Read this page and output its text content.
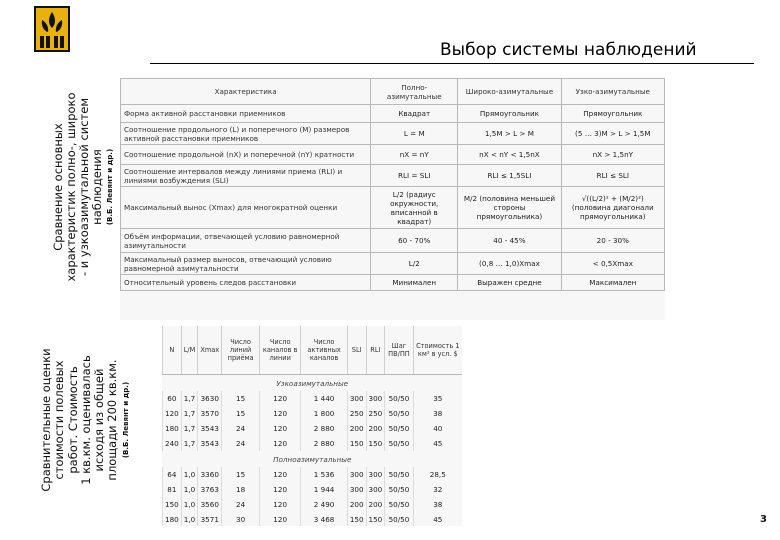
Выбор системы наблюдений
Сравнение основных характеристик полно-, широко - и узкоазимутальной систем наблюдения (В.Б. Левянт и др.)
Сравнительные оценки стоимости полевых работ. Стоимость 1 кв.км. оценивалась исходя из общей площади 200 кв.км. (В.Б. Левянт и др.)
Характеристика	Полно-азимутальные	Широко-азимутальные	Узко-азимутальные
Форма активной расстановки приемников	Квадрат	Прямоугольник	Прямоугольник
Соотношение продольного (L) и поперечного (M) размеров активной расстановки приемников	L = M	1,5M > L > M	(5 … 3)M > L > 1,5M
Соотношение продольной (nX) и поперечной (nY) кратности	nX = nY	nX < nY < 1,5nX	nX > 1,5nY
Соотношение интервалов между линиями приема (RLI) и линиями возбуждения (SLI)	RLI = SLI	RLI ≤ 1,5SLI	RLI ≤ SLI
Максимальный вынос (Xmax) для многократной оценки	L/2 (радиус окружности, вписанной в квадрат)	M/2 (половина меньшей стороны прямоугольника)	√((L/2)² + (M/2)²) (половина диагонали прямоугольника)
Объём информации, отвечающей условию равномерной азимутальности	60 - 70%	40 - 45%	20 - 30%
Максимальный размер выносов, отвечающий условию равномерной азимутальности	L/2	(0,8 … 1,0)Xmax	< 0,5Xmax
Относительный уровень следов расстановки	Минимален	Выражен средне	Максимален
N	L/M	Xmax	Число линий приёма	Число каналов в линии	Число активных каналов	SLI	RLI	Шаг ПВ/ПП	Стоимость 1 км² в усл. $
Узкоазимутальные									
60	1,7	3630	15	120	1 440	300	300	50/50	35
120	1,7	3570	15	120	1 800	250	250	50/50	38
180	1,7	3543	24	120	2 880	200	200	50/50	40
240	1,7	3543	24	120	2 880	150	150	50/50	45
Полноазимутальные									
64	1,0	3360	15	120	1 536	300	300	50/50	28,5
81	1,0	3763	18	120	1 944	300	300	50/50	32
150	1,0	3560	24	120	2 490	200	200	50/50	38
180	1,0	3571	30	120	3 468	150	150	50/50	45	3
